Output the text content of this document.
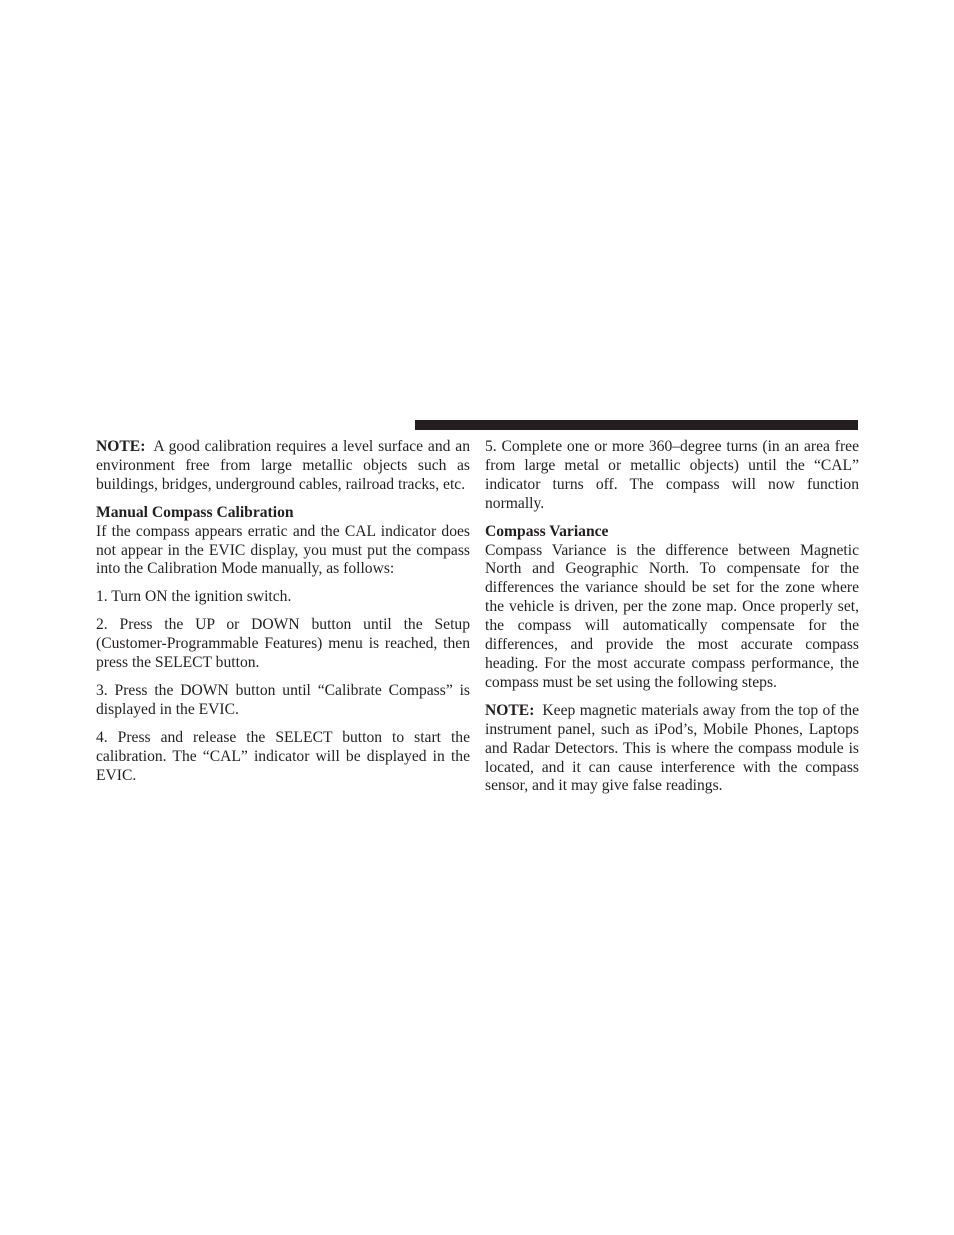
NOTE: A good calibration requires a level surface and an environment free from large metallic objects such as buildings, bridges, underground cables, railroad tracks, etc.

Manual Compass Calibration

If the compass appears erratic and the CAL indicator does not appear in the EVIC display, you must put the compass into the Calibration Mode manually, as follows:

1. Turn ON the ignition switch.

2. Press the UP or DOWN button until the Setup (Customer-Programmable Features) menu is reached, then press the SELECT button.

3. Press the DOWN button until “Calibrate Compass” is displayed in the EVIC.

4. Press and release the SELECT button to start the calibration. The “CAL” indicator will be displayed in the EVIC.

5. Complete one or more 360–degree turns (in an area free from large metal or metallic objects) until the “CAL” indicator turns off. The compass will now function normally.

Compass Variance

Compass Variance is the difference between Magnetic North and Geographic North. To compensate for the differences the variance should be set for the zone where the vehicle is driven, per the zone map. Once properly set, the compass will automatically compensate for the differences, and provide the most accurate compass heading. For the most accurate compass performance, the compass must be set using the following steps.

NOTE: Keep magnetic materials away from the top of the instrument panel, such as iPod’s, Mobile Phones, Laptops and Radar Detectors. This is where the compass module is located, and it can cause interference with the compass sensor, and it may give false readings.
